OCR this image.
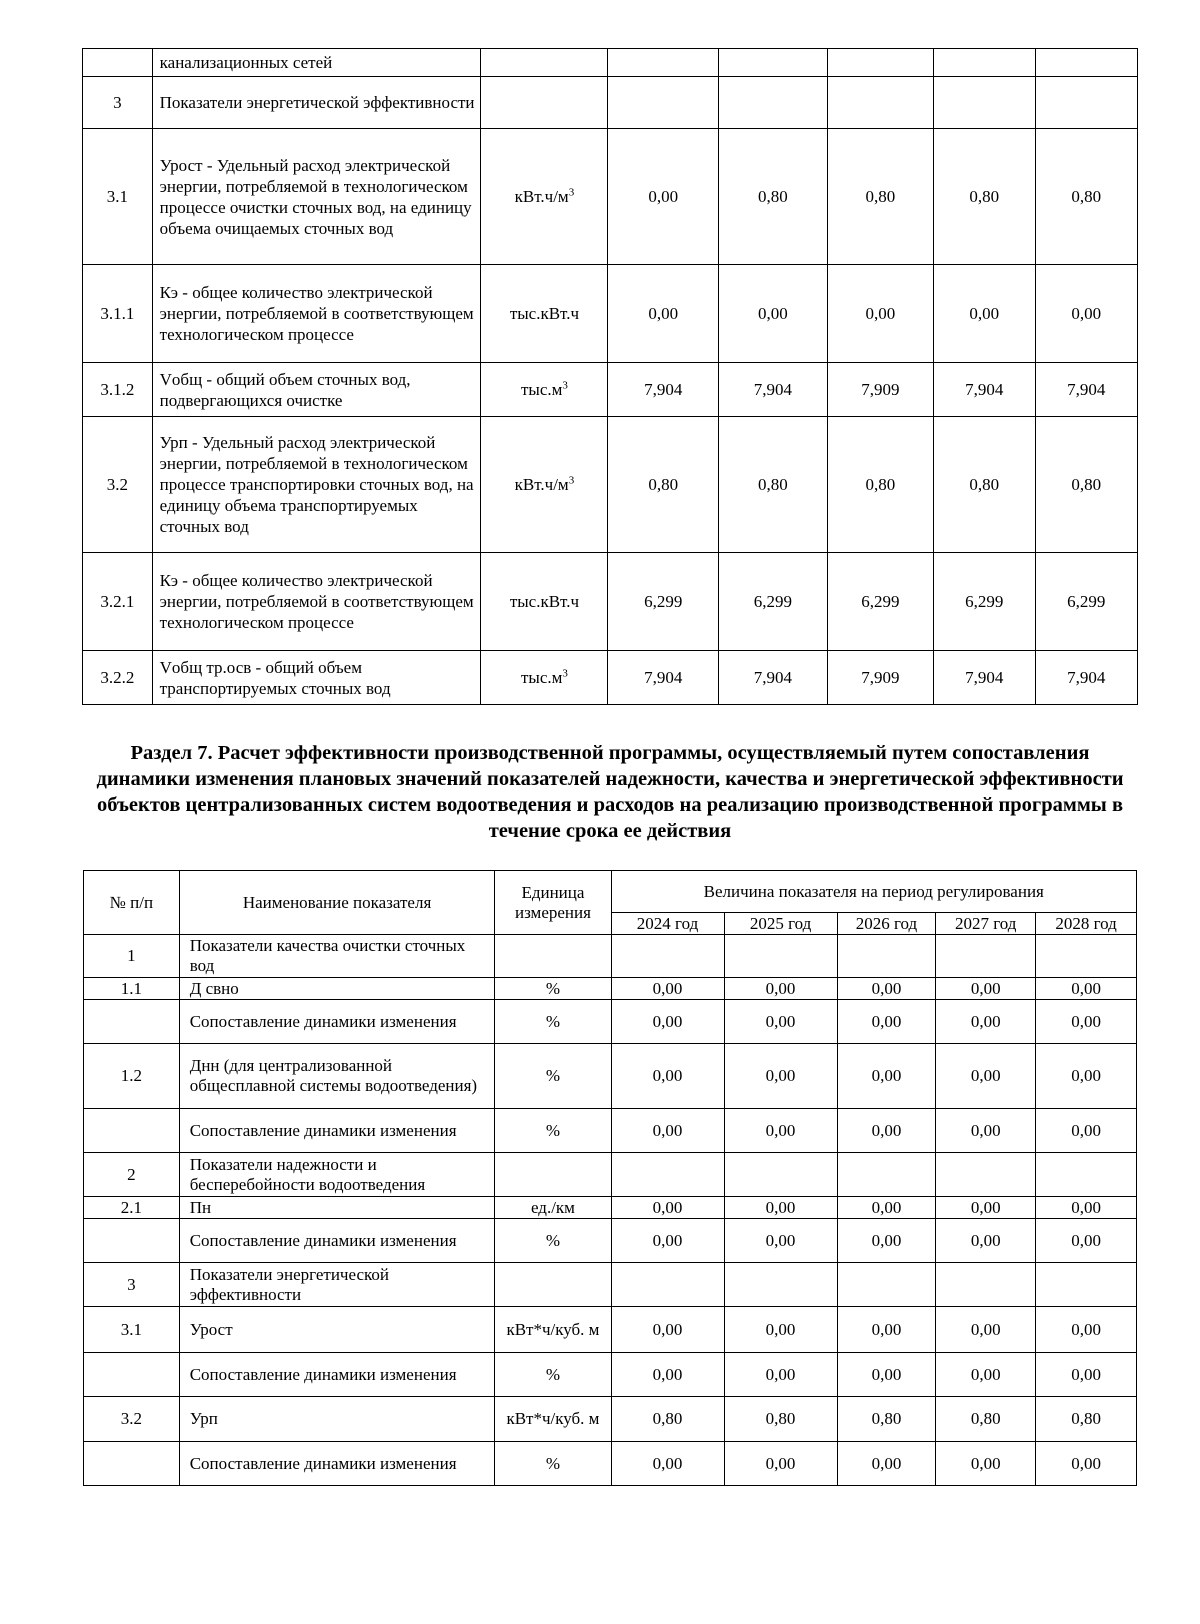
	канализационных сетей						
3	Показатели энергетической эффективности						
3.1	Урост - Удельный расход электрической энергии, потребляемой в технологическом процессе очистки сточных вод, на единицу объема очищаемых сточных вод	$кВт.ч/м^3$	0,00	0,80	0,80	0,80	0,80
3.1.1	Кэ - общее количество электрической энергии, потребляемой в соответствующем технологическом процессе	тыс.кВт.ч	0,00	0,00	0,00	0,00	0,00
3.1.2	Vобщ - общий объем сточных вод, подвергающихся очистке	$тыс.м^3$	7,904	7,904	7,909	7,904	7,904
3.2	Урп - Удельный расход электрической энергии, потребляемой в технологическом процессе транспортировки сточных вод, на единицу объема транспортируемых сточных вод	$кВт.ч/м^3$	0,80	0,80	0,80	0,80	0,80
3.2.1	Кэ - общее количество электрической энергии, потребляемой в соответствующем технологическом процессе	тыс.кВт.ч	6,299	6,299	6,299	6,299	6,299
3.2.2	Vобщ тр.осв - общий объем транспортируемых сточных вод	$тыс.м^3$	7,904	7,904	7,909	7,904	7,904
Раздел 7. Расчет эффективности производственной программы, осуществляемый путем сопоставления динамики изменения плановых значений показателей надежности, качества и энергетической эффективности объектов централизованных систем водоотведения и расходов на реализацию производственной программы в течение срока ее действия
№ п/п	Наименование показателя	Единица измерения	Величина показателя на период регулирования				
			2024 год	2025 год	2026 год	2027 год	2028 год
1	Показатели качества очистки сточных вод						
1.1	Д свно	%	0,00	0,00	0,00	0,00	0,00
	Сопоставление динамики изменения	%	0,00	0,00	0,00	0,00	0,00
1.2	Днн (для централизованной общесплавной системы водоотведения)	%	0,00	0,00	0,00	0,00	0,00
	Сопоставление динамики изменения	%	0,00	0,00	0,00	0,00	0,00
2	Показатели надежности и бесперебойности водоотведения						
2.1	Пн	ед./км	0,00	0,00	0,00	0,00	0,00
	Сопоставление динамики изменения	%	0,00	0,00	0,00	0,00	0,00
3	Показатели энергетической эффективности						
3.1	Урост	кВт*ч/куб. м	0,00	0,00	0,00	0,00	0,00
	Сопоставление динамики изменения	%	0,00	0,00	0,00	0,00	0,00
3.2	Урп	кВт*ч/куб. м	0,80	0,80	0,80	0,80	0,80
	Сопоставление динамики изменения	%	0,00	0,00	0,00	0,00	0,00
